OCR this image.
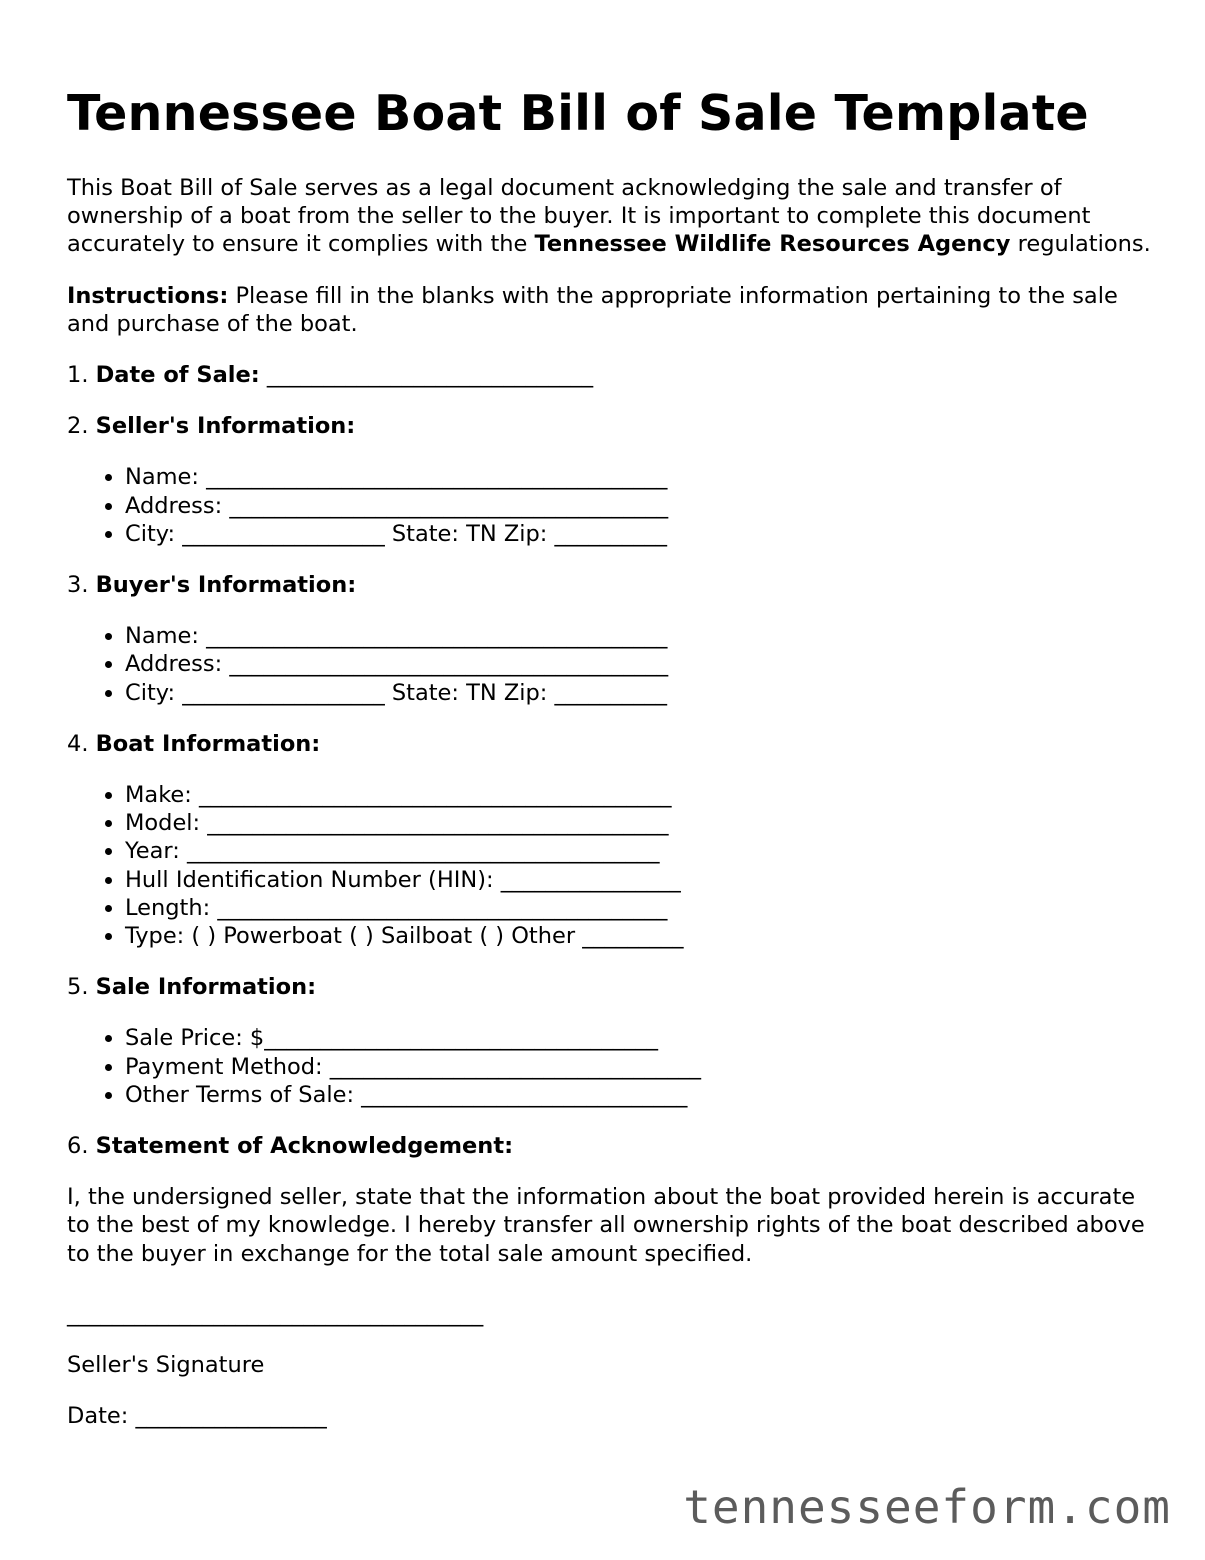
Tennessee Boat Bill of Sale Template

This Boat Bill of Sale serves as a legal document acknowledging the sale and transfer of ownership of a boat from the seller to the buyer. It is important to complete this document accurately to ensure it complies with the Tennessee Wildlife Resources Agency regulations.

Instructions: Please fill in the blanks with the appropriate information pertaining to the sale and purchase of the boat.

1. Date of Sale: _____________________________
2. Seller's Information:
• Name: _________________________________________
• Address: _______________________________________
• City: __________________ State: TN Zip: __________
3. Buyer's Information:
• Name: _________________________________________
• Address: _______________________________________
• City: __________________ State: TN Zip: __________
4. Boat Information:
• Make: __________________________________________
• Model: _________________________________________
• Year: __________________________________________
• Hull Identification Number (HIN): ________________
• Length: ________________________________________
• Type: ( ) Powerboat ( ) Sailboat ( ) Other _________
5. Sale Information:
• Sale Price: $___________________________________
• Payment Method: _________________________________
• Other Terms of Sale: _____________________________
6. Statement of Acknowledgement:

I, the undersigned seller, state that the information about the boat provided herein is accurate to the best of my knowledge. I hereby transfer all ownership rights of the boat described above to the buyer in exchange for the total sale amount specified.

_____________________________________

Seller's Signature

Date: _________________

tennesseeform.com
